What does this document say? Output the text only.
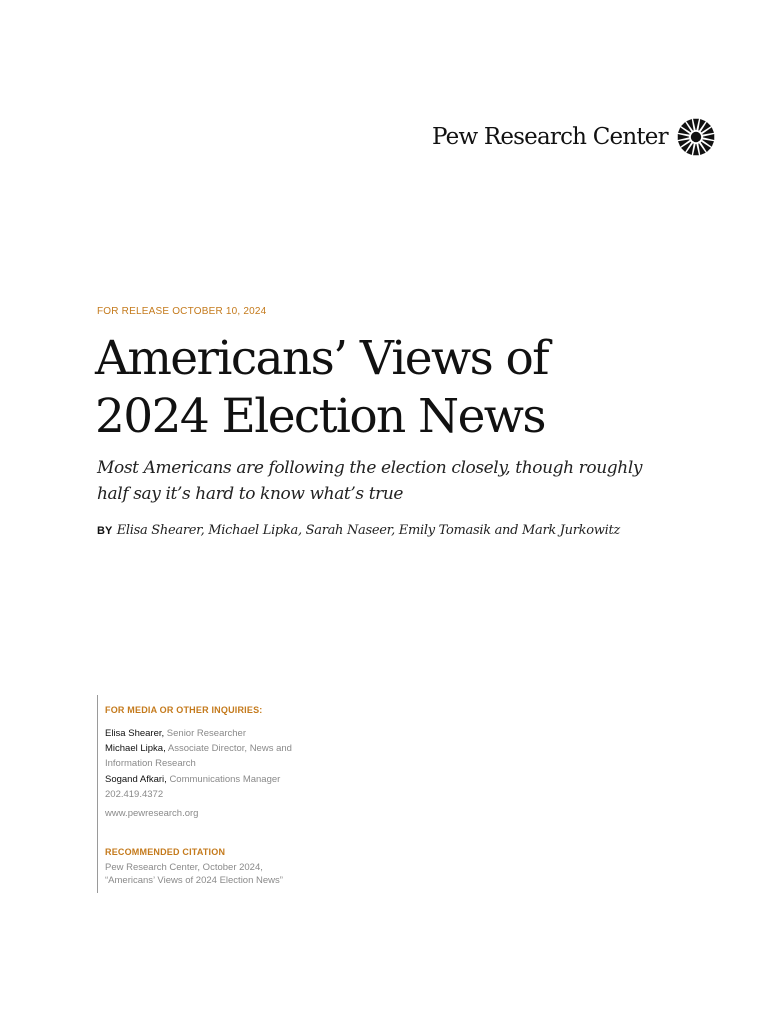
Pew Research Center
FOR RELEASE OCTOBER 10, 2024
Americans’ Views of
2024 Election News

Most Americans are following the election closely, though roughly
half say it’s hard to know what’s true

BY Elisa Shearer, Michael Lipka, Sarah Naseer, Emily Tomasik and Mark Jurkowitz
FOR MEDIA OR OTHER INQUIRIES:
Elisa Shearer, Senior Researcher
Michael Lipka, Associate Director, News and
Information Research
Sogand Afkari, Communications Manager
202.419.4372
www.pewresearch.org
RECOMMENDED CITATION
Pew Research Center, October 2024,
“Americans’ Views of 2024 Election News”
